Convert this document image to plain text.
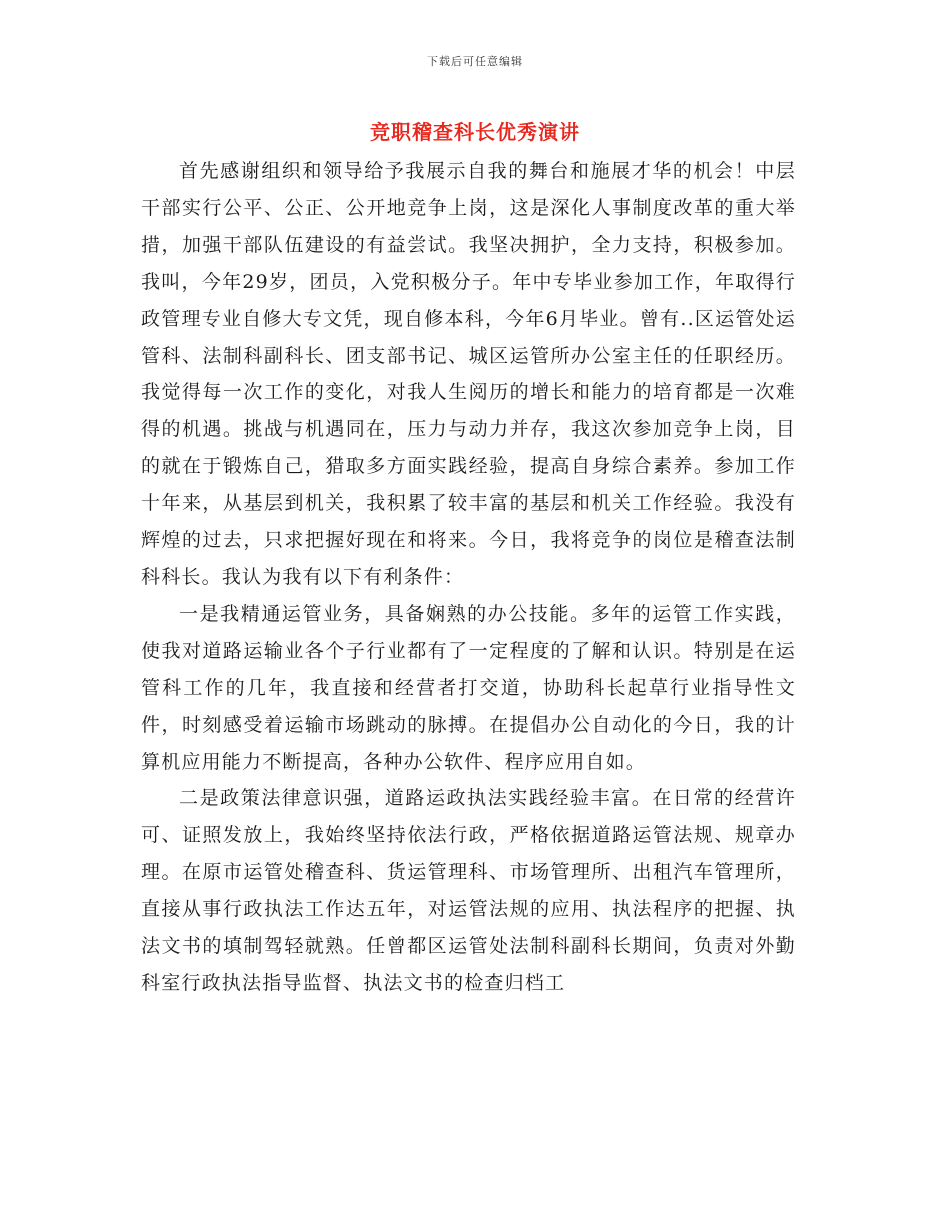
下载后可任意编辑
竞职稽查科长优秀演讲

首先感谢组织和领导给予我展示自我的舞台和施展才华的机会！中层干部实行公平、公正、公开地竞争上岗，这是深化人事制度改革的重大举措，加强干部队伍建设的有益尝试。我坚决拥护，全力支持，积极参加。我叫，今年29岁，团员，入党积极分子。年中专毕业参加工作，年取得行政管理专业自修大专文凭，现自修本科，今年6月毕业。曾有..区运管处运管科、法制科副科长、团支部书记、城区运管所办公室主任的任职经历。我觉得每一次工作的变化，对我人生阅历的增长和能力的培育都是一次难得的机遇。挑战与机遇同在，压力与动力并存，我这次参加竞争上岗，目的就在于锻炼自己，猎取多方面实践经验，提高自身综合素养。参加工作十年来，从基层到机关，我积累了较丰富的基层和机关工作经验。我没有辉煌的过去，只求把握好现在和将来。今日，我将竞争的岗位是稽查法制科科长。我认为我有以下有利条件：

一是我精通运管业务，具备娴熟的办公技能。多年的运管工作实践，使我对道路运输业各个子行业都有了一定程度的了解和认识。特别是在运管科工作的几年，我直接和经营者打交道，协助科长起草行业指导性文件，时刻感受着运输市场跳动的脉搏。在提倡办公自动化的今日，我的计算机应用能力不断提高，各种办公软件、程序应用自如。

二是政策法律意识强，道路运政执法实践经验丰富。在日常的经营许可、证照发放上，我始终坚持依法行政，严格依据道路运管法规、规章办理。在原市运管处稽查科、货运管理科、市场管理所、出租汽车管理所，直接从事行政执法工作达五年，对运管法规的应用、执法程序的把握、执法文书的填制驾轻就熟。任曾都区运管处法制科副科长期间，负责对外勤科室行政执法指导监督、执法文书的检查归档工
